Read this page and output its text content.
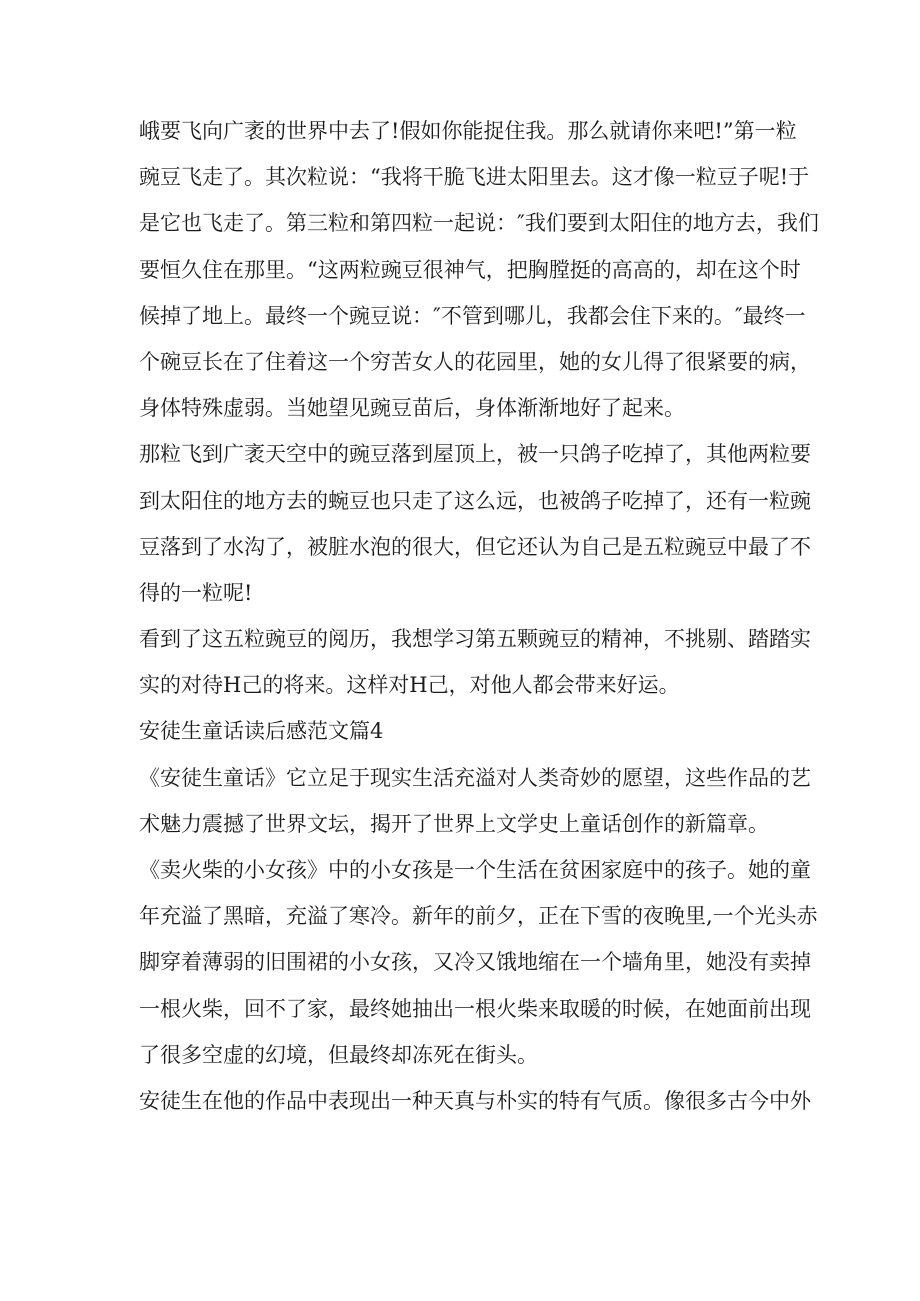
峨要飞向广袤的世界中去了!假如你能捉住我。那么就请你来吧!”第一粒
豌豆飞走了。其次粒说：“我将干脆飞进太阳里去。这才像一粒豆子呢!于
是它也飞走了。第三粒和第四粒一起说：″我们要到太阳住的地方去，我们
要恒久住在那里。“这两粒豌豆很神气，把胸膛挺的高高的，却在这个时
候掉了地上。最终一个豌豆说：″不管到哪儿，我都会住下来的。″最终一
个碗豆长在了住着这一个穷苦女人的花园里，她的女儿得了很紧要的病，
身体特殊虚弱。当她望见豌豆苗后，身体渐渐地好了起来。
那粒飞到广袤天空中的豌豆落到屋顶上，被一只鸽子吃掉了，其他两粒要
到太阳住的地方去的蜿豆也只走了这么远，也被鸽子吃掉了，还有一粒豌
豆落到了水沟了，被脏水泡的很大，但它还认为自己是五粒豌豆中最了不
得的一粒呢!
看到了这五粒豌豆的阅历，我想学习第五颗豌豆的精神，不挑剔、踏踏实
实的对待H己的将来。这样对H己，对他人都会带来好运。
安徒生童话读后感范文篇4
《安徒生童话》它立足于现实生活充溢对人类奇妙的愿望，这些作品的艺
术魅力震撼了世界文坛，揭开了世界上文学史上童话创作的新篇章。
《卖火柴的小女孩》中的小女孩是一个生活在贫困家庭中的孩子。她的童
年充溢了黑暗，充溢了寒冷。新年的前夕，正在下雪的夜晚里,一个光头赤
脚穿着薄弱的旧围裙的小女孩，又冷又饿地缩在一个墙角里，她没有卖掉
一根火柴，回不了家，最终她抽出一根火柴来取暖的时候，在她面前出现
了很多空虚的幻境，但最终却冻死在街头。
安徒生在他的作品中表现出一种天真与朴实的特有气质。像很多古今中外
